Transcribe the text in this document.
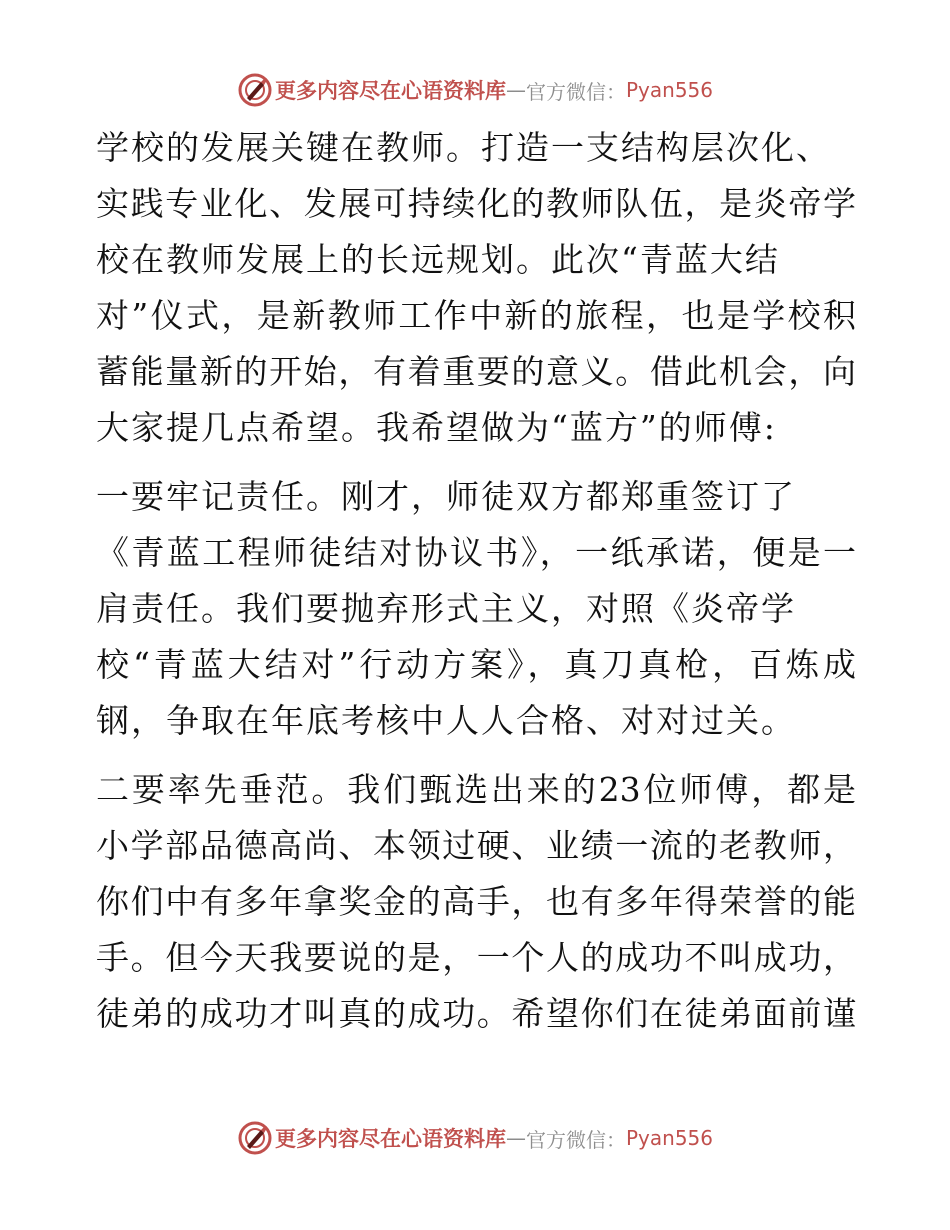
更多内容尽在心语资料库 — 官方微信： Pyan556
学校的发展关键在教师。打造一支结构层次化、
实践专业化、发展可持续化的教师队伍，是炎帝学
校在教师发展上的长远规划。此次“青蓝大结
对”仪式，是新教师工作中新的旅程，也是学校积
蓄能量新的开始，有着重要的意义。借此机会，向
大家提几点希望。我希望做为“蓝方”的师傅:
一要牢记责任。刚才，师徒双方都郑重签订了
《青蓝工程师徒结对协议书》，一纸承诺，便是一
肩责任。我们要抛弃形式主义，对照《炎帝学
校“青蓝大结对”行动方案》，真刀真枪，百炼成
钢，争取在年底考核中人人合格、对对过关。
二要率先垂范。我们甄选出来的23位师傅，都是
小学部品德高尚、本领过硬、业绩一流的老教师，
你们中有多年拿奖金的高手，也有多年得荣誉的能
手。但今天我要说的是，一个人的成功不叫成功，
徒弟的成功才叫真的成功。希望你们在徒弟面前谨
更多内容尽在心语资料库 — 官方微信： Pyan556
